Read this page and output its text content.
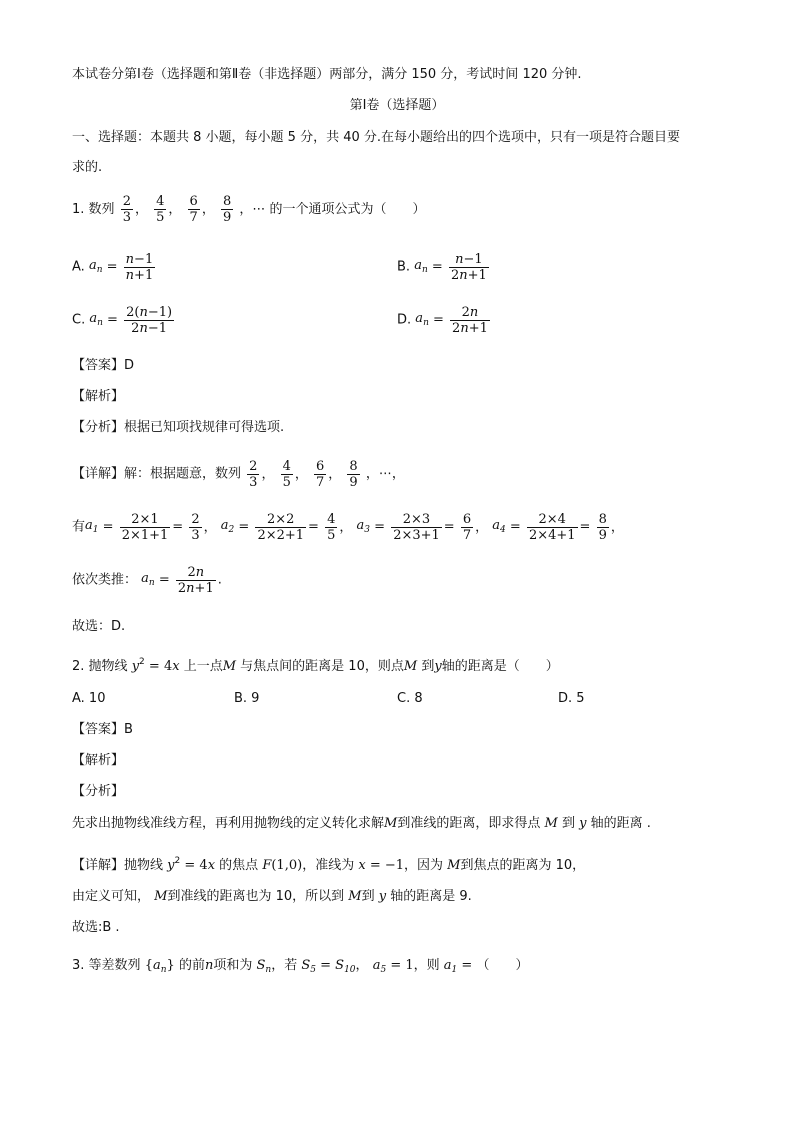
本试卷分第Ⅰ卷（选择题和第Ⅱ卷（非选择题）两部分，满分 150 分，考试时间 120 分钟.
第Ⅰ卷（选择题）
一、选择题：本题共 8 小题，每小题 5 分，共 40 分.在每小题给出的四个选项中，只有一项是符合题目要
求的.
1. 数列 $\frac{2}{3}$ ， $\frac{4}{5}$ ， $\frac{6}{7}$ ， $\frac{8}{9}$ ，⋯ 的一个通项公式为（　　）
A. $a_n = \frac{n-1}{n+1}$	B. $a_n = \frac{n-1}{2n+1}$
C. $a_n = \frac{2(n-1)}{2n-1}$	D. $a_n = \frac{2n}{2n+1}$
【答案】D
【解析】
【分析】根据已知项找规律可得选项.
【详解】解：根据题意，数列 $\frac{2}{3}$ ， $\frac{4}{5}$ ， $\frac{6}{7}$ ， $\frac{8}{9}$ ，⋯，
有$a_1 = \frac{2\times 1}{2\times 1+1} = \frac{2}{3}$ ， $a_2 = \frac{2\times 2}{2\times 2+1} = \frac{4}{5}$ ， $a_3 = \frac{2\times 3}{2\times 3+1} = \frac{6}{7}$ ， $a_4 = \frac{2\times 4}{2\times 4+1} = \frac{8}{9}$ ，
依次类推： $a_n = \frac{2n}{2n+1}$ .
故选：D.
2. 抛物线 $y^2 = 4x$ 上一点M 与焦点间的距离是 10，则点M 到y轴的距离是（　　）
A. 10	B. 9	C. 8	D. 5
【答案】B
【解析】
【分析】
先求出抛物线准线方程，再利用抛物线的定义转化求解M到准线的距离，即求得点 M 到 y 轴的距离 .
【详解】抛物线 $y^2 = 4x$ 的焦点 F(1,0)，准线为 x = −1，因为 M到焦点的距离为 10，
由定义可知， M到准线的距离也为 10，所以到 M到 y 轴的距离是 9.
故选:B .
3. 等差数列 $\{a_n\}$ 的前n项和为 $S_n$，若 $S_5 = S_{10}$， $a_5 = 1$，则 $a_1$ = （　　）
